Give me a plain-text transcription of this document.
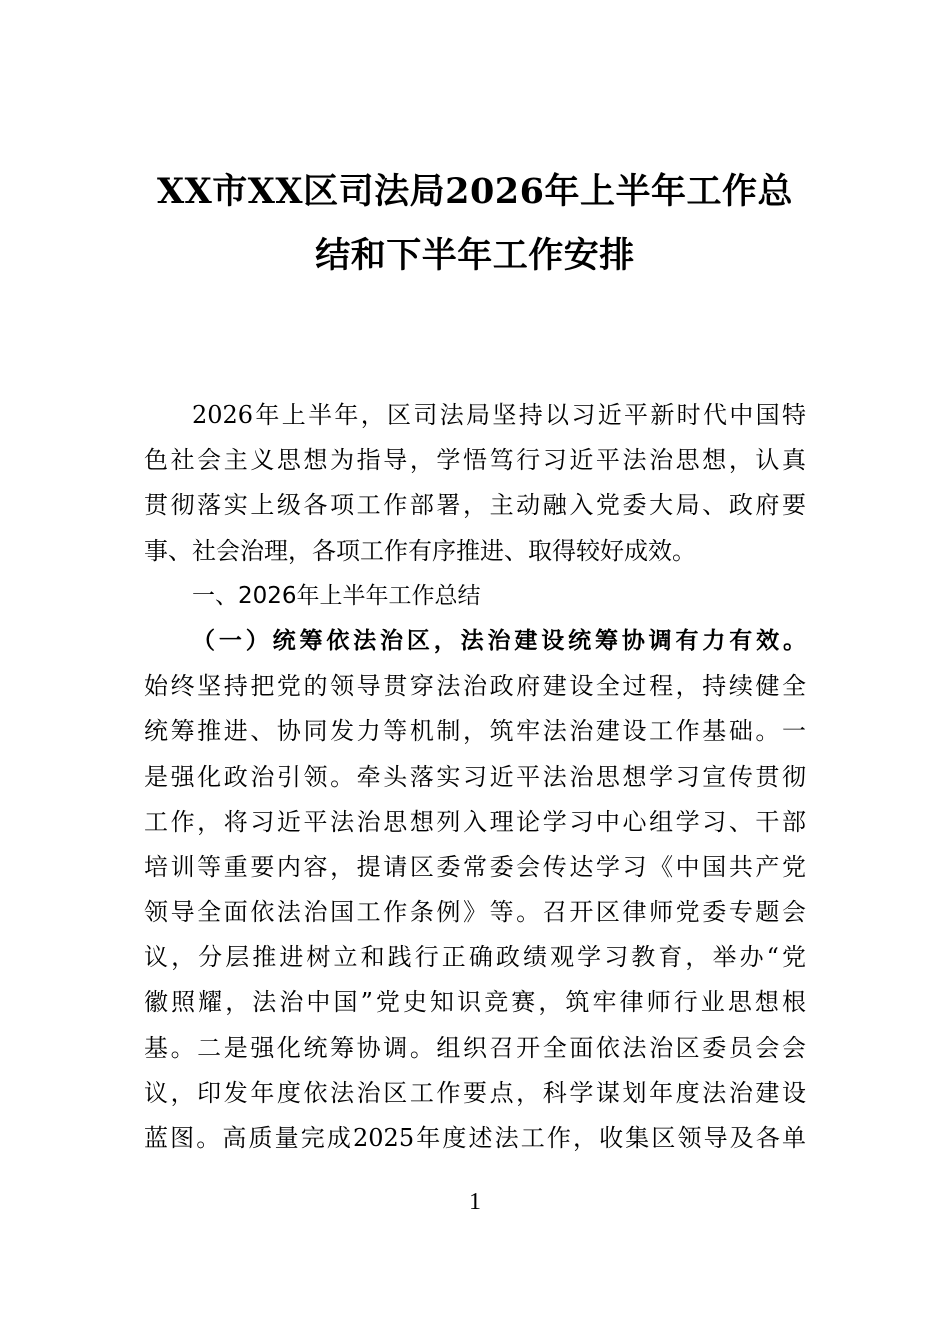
XX市XX区司法局2026年上半年工作总
结和下半年工作安排
2026年上半年，区司法局坚持以习近平新时代中国特
色社会主义思想为指导，学悟笃行习近平法治思想，认真
贯彻落实上级各项工作部署，主动融入党委大局、政府要
事、社会治理，各项工作有序推进、取得较好成效。
一、2026年上半年工作总结
（一）统筹依法治区，法治建设统筹协调有力有效。
始终坚持把党的领导贯穿法治政府建设全过程，持续健全
统筹推进、协同发力等机制，筑牢法治建设工作基础。一
是强化政治引领。牵头落实习近平法治思想学习宣传贯彻
工作，将习近平法治思想列入理论学习中心组学习、干部
培训等重要内容，提请区委常委会传达学习《中国共产党
领导全面依法治国工作条例》等。召开区律师党委专题会
议，分层推进树立和践行正确政绩观学习教育，举办“党
徽照耀，法治中国”党史知识竞赛，筑牢律师行业思想根
基。二是强化统筹协调。组织召开全面依法治区委员会会
议，印发年度依法治区工作要点，科学谋划年度法治建设
蓝图。高质量完成2025年度述法工作，收集区领导及各单
1
